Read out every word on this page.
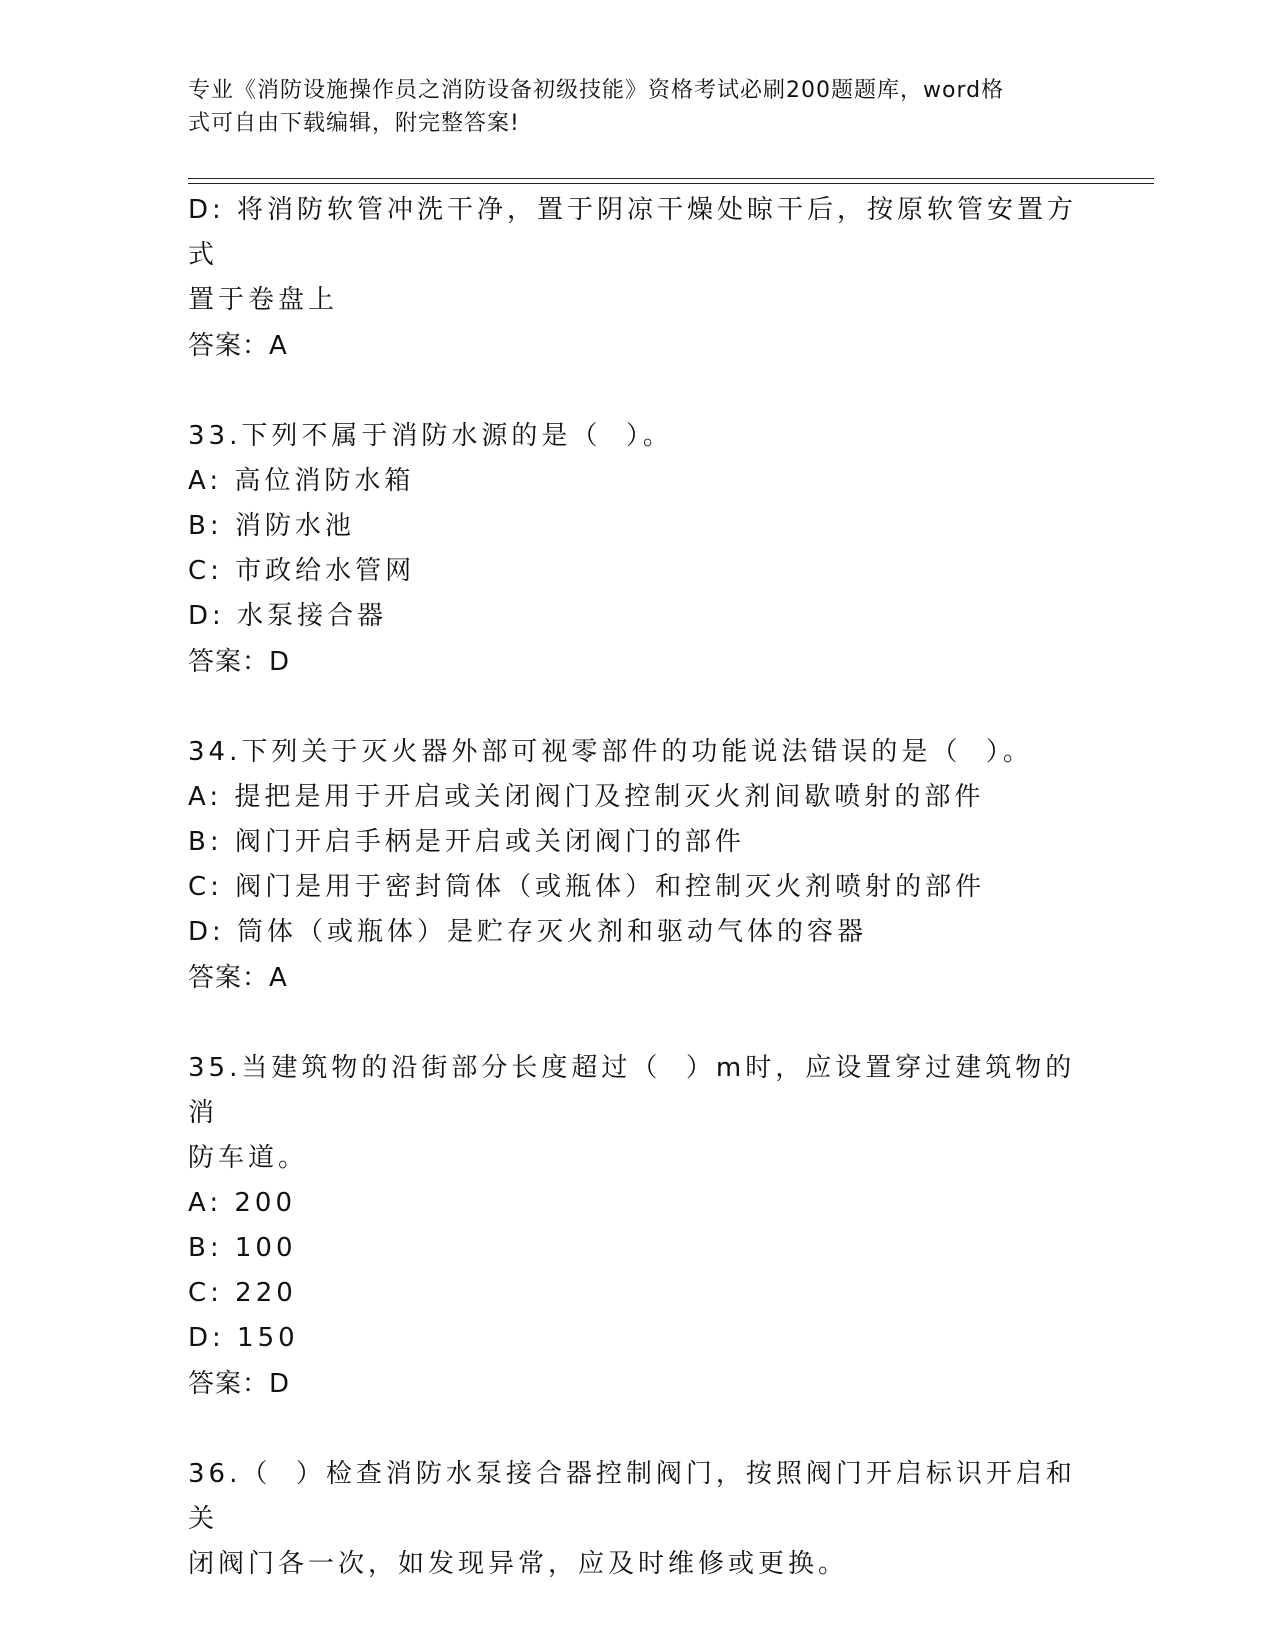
专业《消防设施操作员之消防设备初级技能》资格考试必刷200题题库，word格
式可自由下载编辑，附完整答案!
D: 将消防软管冲洗干净，置于阴凉干燥处晾干后，按原软管安置方式
置于卷盘上
答案：A
33.下列不属于消防水源的是（  ）。
A: 高位消防水箱
B: 消防水池
C: 市政给水管网
D: 水泵接合器
答案：D
34.下列关于灭火器外部可视零部件的功能说法错误的是（  ）。
A: 提把是用于开启或关闭阀门及控制灭火剂间歇喷射的部件
B: 阀门开启手柄是开启或关闭阀门的部件
C: 阀门是用于密封筒体（或瓶体）和控制灭火剂喷射的部件
D: 筒体（或瓶体）是贮存灭火剂和驱动气体的容器
答案：A
35.当建筑物的沿街部分长度超过（  ）m时，应设置穿过建筑物的消
防车道。
A: 200
B: 100
C: 220
D: 150
答案：D
36.（  ）检查消防水泵接合器控制阀门，按照阀门开启标识开启和关
闭阀门各一次，如发现异常，应及时维修或更换。
